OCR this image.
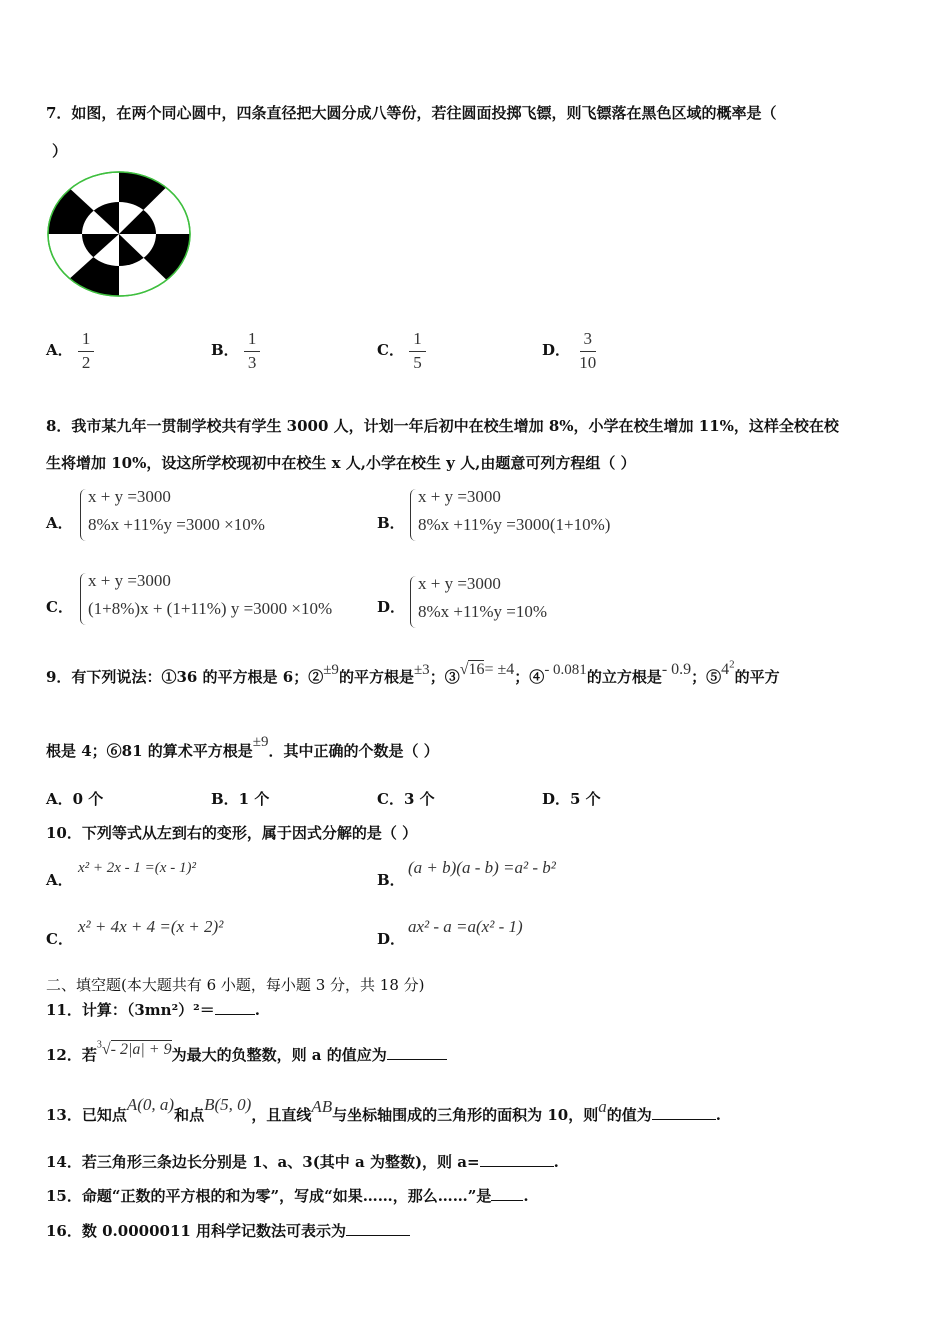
7．如图，在两个同心圆中，四条直径把大圆分成八等份，若往圆面投掷飞镖，则飞镖落在黑色区域的概率是（
）
A． $\frac{1}{2}$	B． $\frac{1}{3}$	C． $\frac{1}{5}$	D． $\frac{3}{10}$
8．我市某九年一贯制学校共有学生 3000 人，计划一年后初中在校生增加 8%，小学在校生增加 11%，这样全校在校
生将增加 10%，设这所学校现初中在校生 x 人,小学在校生 y 人,由题意可列方程组（ ）
A．
x + y =3000
8%x +11%y =3000 ×10%	B．
x + y =3000
8%x +11%y =3000(1+10%)
C．
x + y =3000
(1+8%)x + (1+11%) y =3000 ×10%	D．
x + y =3000
8%x +11%y =10%
9．有下列说法：①36 的平方根是 6；②±9的平方根是±3；③√16= ±4；④- 0.081的立方根是- 0.9；$⑤4^2$的平方
根是 4；⑥81 的算术平方根是±9．其中正确的个数是（ ）
A．0 个	B．1 个	C．3 个	D．5 个
10．下列等式从左到右的变形，属于因式分解的是（ ）
A．
x² + 2x - 1 =(x - 1)²
B．
(a + b)(a - b) =a² - b²
C．
x² + 4x + 4 =(x + 2)²
D．
ax² - a =a(x² - 1)
二、填空题(本大题共有 6 小题，每小题 3 分，共 18 分)
11．计算：（3mn²）²＝	.
12．若$^3$√- 2|a| + 9为最大的负整数，则 a 的值应为
13．已知点A(0, a)和点B(5, 0)，且直线AB与坐标轴围成的三角形的面积为 10，则a的值为	.
14．若三角形三条边长分别是 1、a、3(其中 a 为整数)，则 a=	.
15．命题“正数的平方根的和为零”，写成“如果……，那么……”是 .
16．数 0.0000011 用科学记数法可表示为
